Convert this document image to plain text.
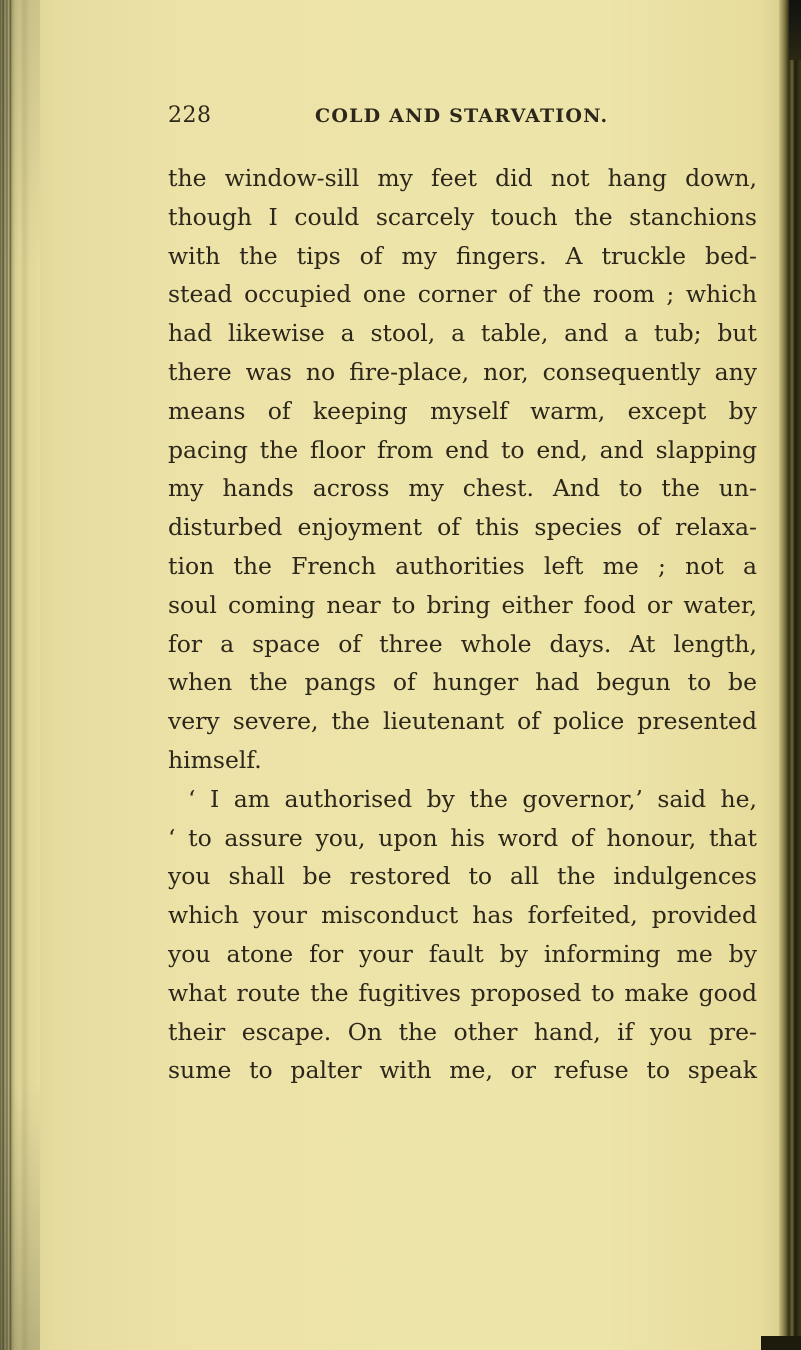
228	COLD AND STARVATION.
the window-sill my feet did not hang down,
though I could scarcely touch the stanchions
with the tips of my fingers. A truckle bed-
stead occupied one corner of the room ; which
had likewise a stool, a table, and a tub; but
there was no fire-place, nor, consequently any
means of keeping myself warm, except by
pacing the floor from end to end, and slapping
my hands across my chest. And to the un-
disturbed enjoyment of this species of relaxa-
tion the French authorities left me ; not a
soul coming near to bring either food or water,
for a space of three whole days. At length,
when the pangs of hunger had begun to be
very severe, the lieutenant of police presented
himself.
‘ I am authorised by the governor,’ said he,
‘ to assure you, upon his word of honour, that
you shall be restored to all the indulgences
which your misconduct has forfeited, provided
you atone for your fault by informing me by
what route the fugitives proposed to make good
their escape. On the other hand, if you pre-
sume to palter with me, or refuse to speak
